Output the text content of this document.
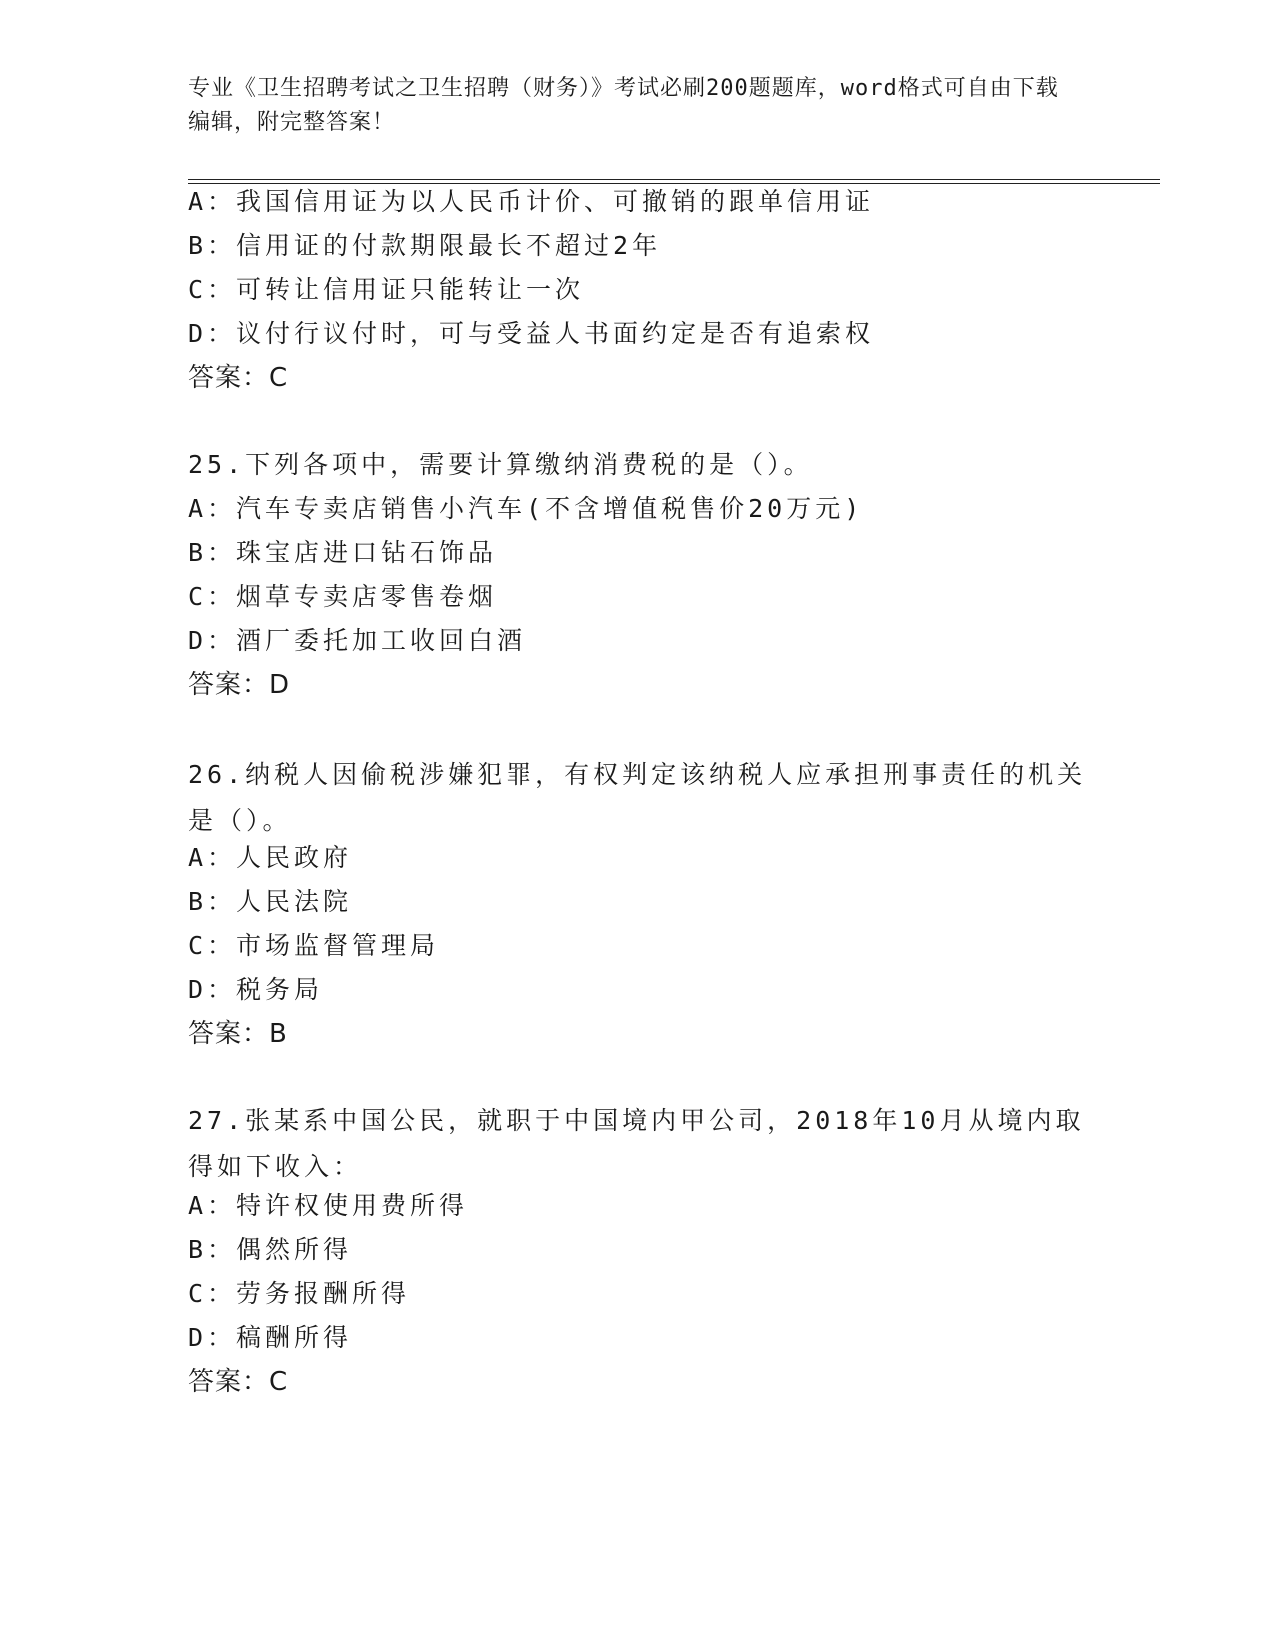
专业《卫生招聘考试之卫生招聘（财务）》考试必刷200题题库，word格式可自由下载编辑，附完整答案！
A：我国信用证为以人民币计价、可撤销的跟单信用证
B：信用证的付款期限最长不超过2年
C：可转让信用证只能转让一次
D：议付行议付时，可与受益人书面约定是否有追索权
答案：C
25.下列各项中，需要计算缴纳消费税的是（）。
A：汽车专卖店销售小汽车(不含增值税售价20万元)
B：珠宝店进口钻石饰品
C：烟草专卖店零售卷烟
D：酒厂委托加工收回白酒
答案：D
26.纳税人因偷税涉嫌犯罪，有权判定该纳税人应承担刑事责任的机关是（）。
A：人民政府
B：人民法院
C：市场监督管理局
D：税务局
答案：B
27.张某系中国公民，就职于中国境内甲公司，2018年10月从境内取得如下收入：
A：特许权使用费所得
B：偶然所得
C：劳务报酬所得
D：稿酬所得
答案：C
